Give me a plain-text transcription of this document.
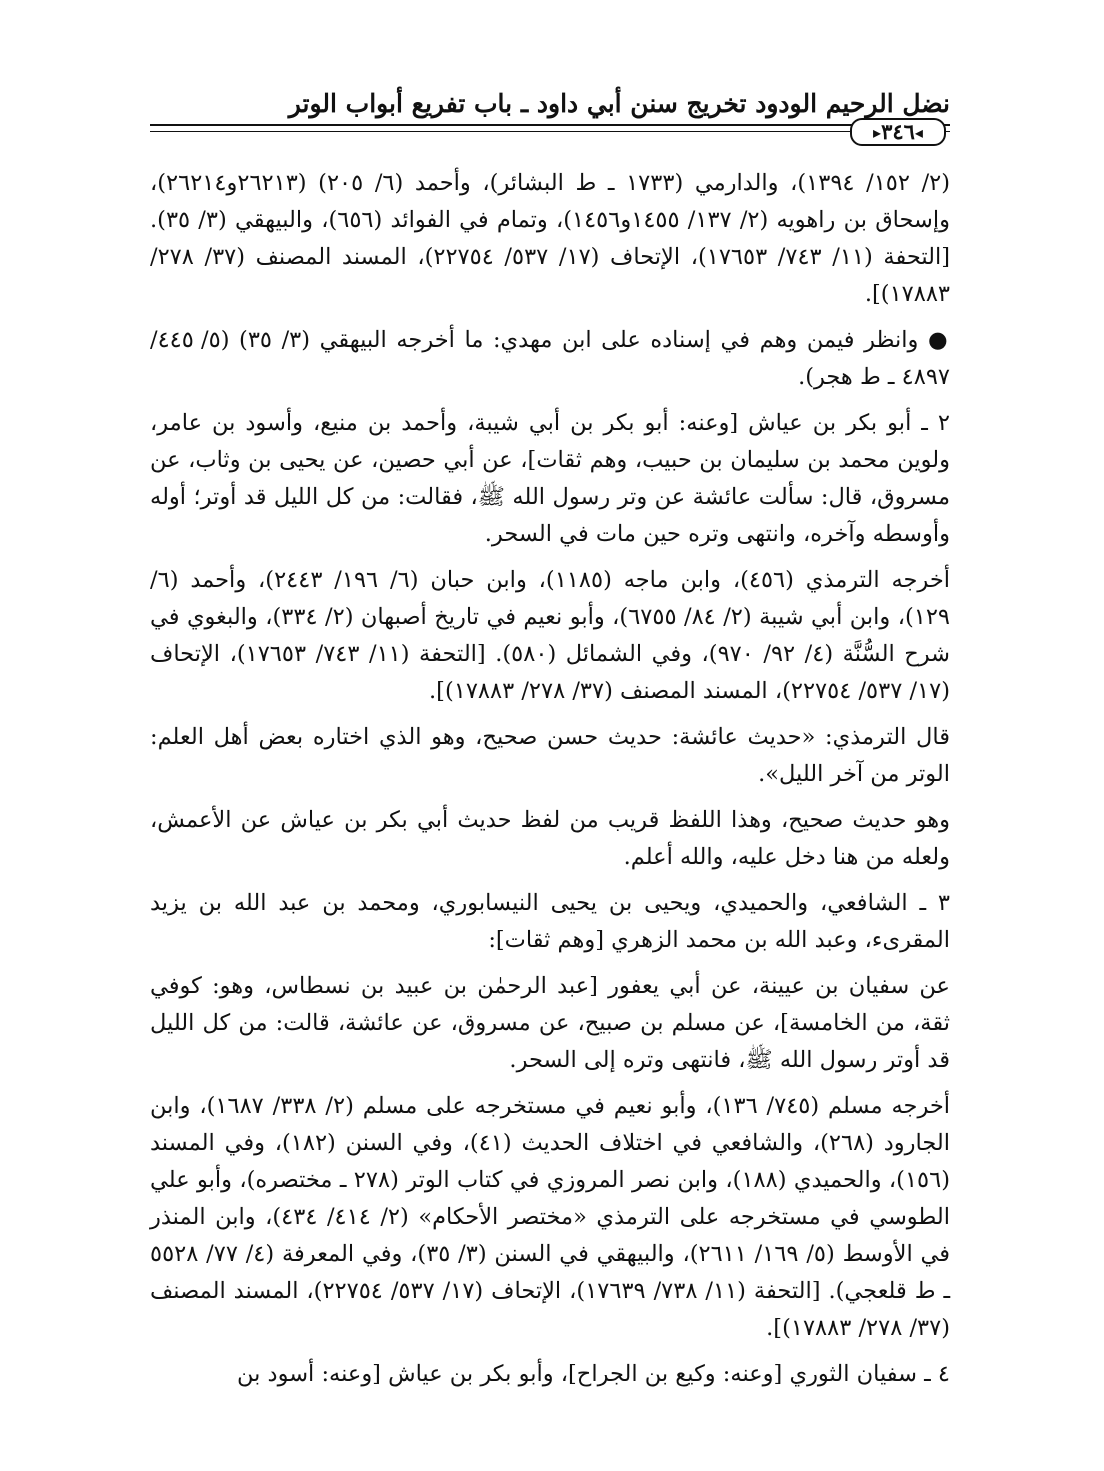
نضل الرحيم الودود تخريج سنن أبي داود ـ باب تفريع أبواب الوتر
◂٣٤٦▸

(٢/ ١٥٢/ ١٣٩٤)، والدارمي (١٧٣٣ ـ ط البشائر)، وأحمد (٦/ ٢٠٥) (٢٦٢١٣و٢٦٢١٤)، وإسحاق بن راهويه (٢/ ١٣٧/ ١٤٥٥و١٤٥٦)، وتمام في الفوائد (٦٥٦)، والبيهقي (٣/ ٣٥). [التحفة (١١/ ٧٤٣/ ١٧٦٥٣)، الإتحاف (١٧/ ٥٣٧/ ٢٢٧٥٤)، المسند المصنف (٣٧/ ٢٧٨/ ١٧٨٨٣)].

● وانظر فيمن وهم في إسناده على ابن مهدي: ما أخرجه البيهقي (٣/ ٣٥) (٥/ ٤٤٥/ ٤٨٩٧ ـ ط هجر).

٢ ـ أبو بكر بن عياش [وعنه: أبو بكر بن أبي شيبة، وأحمد بن منيع، وأسود بن عامر، ولوين محمد بن سليمان بن حبيب، وهم ثقات]، عن أبي حصين، عن يحيى بن وثاب، عن مسروق، قال: سألت عائشة عن وتر رسول الله ﷺ، فقالت: من كل الليل قد أوتر؛ أوله وأوسطه وآخره، وانتهى وتره حين مات في السحر.

أخرجه الترمذي (٤٥٦)، وابن ماجه (١١٨٥)، وابن حبان (٦/ ١٩٦/ ٢٤٤٣)، وأحمد (٦/ ١٢٩)، وابن أبي شيبة (٢/ ٨٤/ ٦٧٥٥)، وأبو نعيم في تاريخ أصبهان (٢/ ٣٣٤)، والبغوي في شرح السُّنَّة (٤/ ٩٢/ ٩٧٠)، وفي الشمائل (٥٨٠). [التحفة (١١/ ٧٤٣/ ١٧٦٥٣)، الإتحاف (١٧/ ٥٣٧/ ٢٢٧٥٤)، المسند المصنف (٣٧/ ٢٧٨/ ١٧٨٨٣)].

قال الترمذي: «حديث عائشة: حديث حسن صحيح، وهو الذي اختاره بعض أهل العلم: الوتر من آخر الليل».

وهو حديث صحيح، وهذا اللفظ قريب من لفظ حديث أبي بكر بن عياش عن الأعمش، ولعله من هنا دخل عليه، والله أعلم.

٣ ـ الشافعي، والحميدي، ويحيى بن يحيى النيسابوري، ومحمد بن عبد الله بن يزيد المقرىء، وعبد الله بن محمد الزهري [وهم ثقات]:

عن سفيان بن عيينة، عن أبي يعفور [عبد الرحمٰن بن عبيد بن نسطاس، وهو: كوفي ثقة، من الخامسة]، عن مسلم بن صبيح، عن مسروق، عن عائشة، قالت: من كل الليل قد أوتر رسول الله ﷺ، فانتهى وتره إلى السحر.

أخرجه مسلم (٧٤٥/ ١٣٦)، وأبو نعيم في مستخرجه على مسلم (٢/ ٣٣٨/ ١٦٨٧)، وابن الجارود (٢٦٨)، والشافعي في اختلاف الحديث (٤١)، وفي السنن (١٨٢)، وفي المسند (١٥٦)، والحميدي (١٨٨)، وابن نصر المروزي في كتاب الوتر (٢٧٨ ـ مختصره)، وأبو علي الطوسي في مستخرجه على الترمذي «مختصر الأحكام» (٢/ ٤١٤/ ٤٣٤)، وابن المنذر في الأوسط (٥/ ١٦٩/ ٢٦١١)، والبيهقي في السنن (٣/ ٣٥)، وفي المعرفة (٤/ ٧٧/ ٥٥٢٨ ـ ط قلعجي). [التحفة (١١/ ٧٣٨/ ١٧٦٣٩)، الإتحاف (١٧/ ٥٣٧/ ٢٢٧٥٤)، المسند المصنف (٣٧/ ٢٧٨/ ١٧٨٨٣)].

٤ ـ سفيان الثوري [وعنه: وكيع بن الجراح]، وأبو بكر بن عياش [وعنه: أسود بن
